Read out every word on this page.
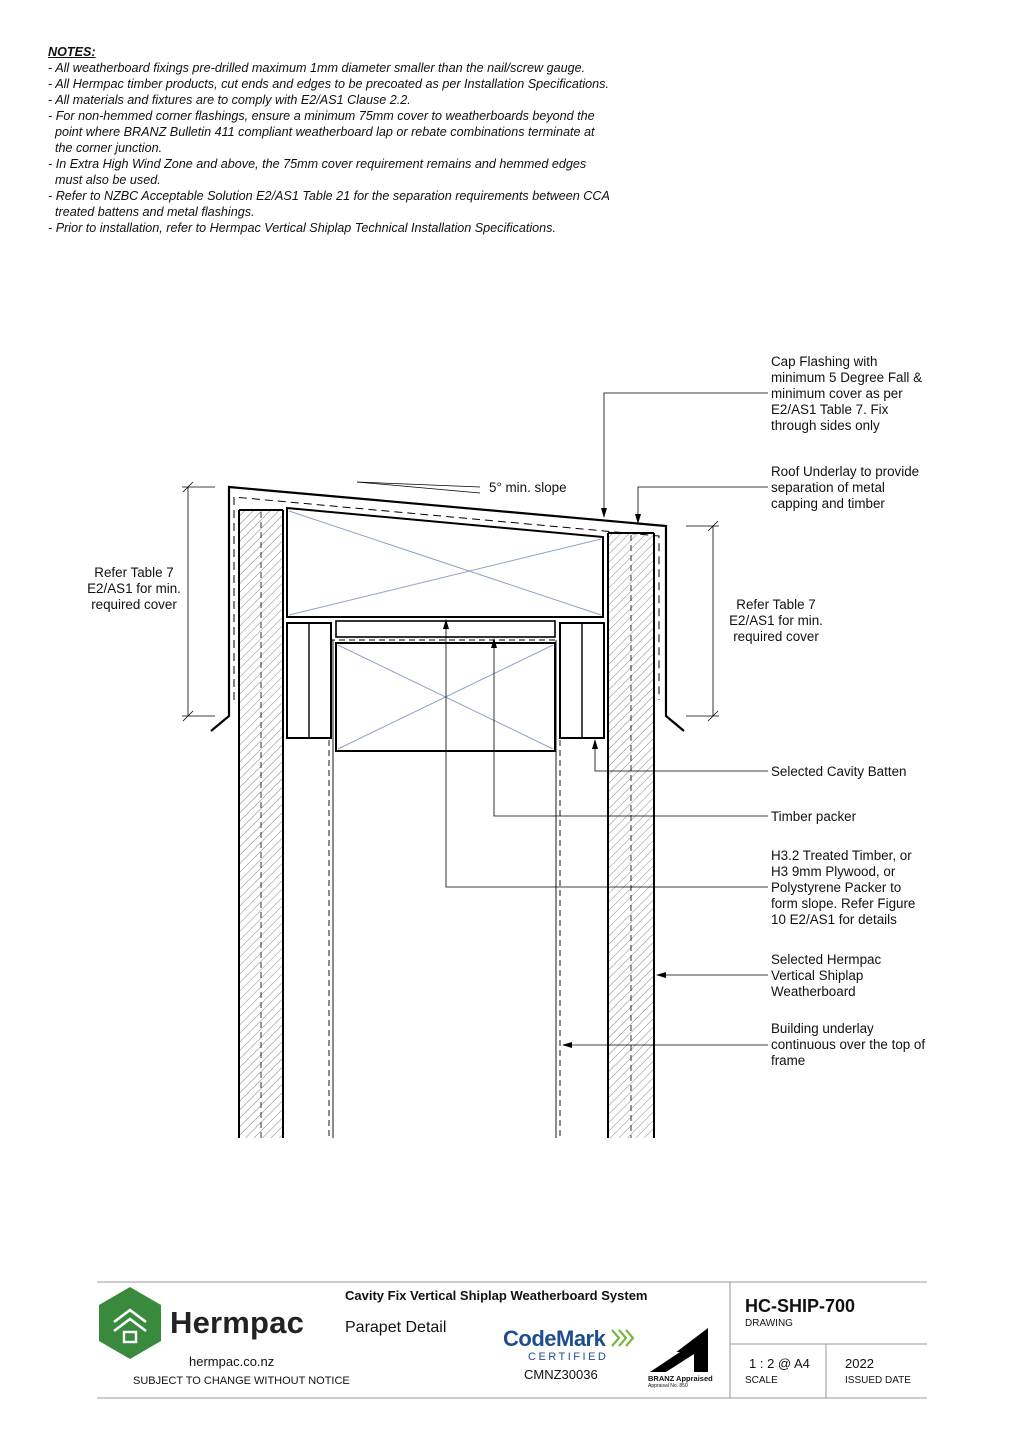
NOTES:
- All weatherboard fixings pre-drilled maximum 1mm diameter smaller than the nail/screw gauge.
- All Hermpac timber products, cut ends and edges to be precoated as per Installation Specifications.
- All materials and fixtures are to comply with E2/AS1 Clause 2.2.
- For non-hemmed corner flashings, ensure a minimum 75mm cover to weatherboards beyond the
point where BRANZ Bulletin 411 compliant weatherboard lap or rebate combinations terminate at
the corner junction.
- In Extra High Wind Zone and above, the 75mm cover requirement remains and hemmed edges
must also be used.
- Refer to NZBC Acceptable Solution E2/AS1 Table 21 for the separation requirements between CCA
treated battens and metal flashings.
- Prior to installation, refer to Hermpac Vertical Shiplap Technical Installation Specifications.
5° min. slope
Refer Table 7
E2/AS1 for min.
required cover	Refer Table 7
E2/AS1 for min.
required cover
Cap Flashing with
minimum 5 Degree Fall &
minimum cover as per
E2/AS1 Table 7. Fix
through sides only
Roof Underlay to provide
separation of metal
capping and timber
Selected Cavity Batten
Timber packer
H3.2 Treated Timber, or
H3 9mm Plywood, or
Polystyrene Packer to
form slope. Refer Figure
10 E2/AS1 for details
Selected Hermpac
Vertical Shiplap
Weatherboard
Building underlay
continuous over the top of
frame
Hermpac
hermpac.co.nz
SUBJECT TO CHANGE WITHOUT NOTICE
Cavity Fix Vertical Shiplap Weatherboard System
Parapet Detail	CodeMark
CERTIFIED
CMNZ30036	BRANZ Appraised
Appraisal No. 850
HC-SHIP-700
DRAWING
1 : 2 @ A4
SCALE
2022
ISSUED DATE
